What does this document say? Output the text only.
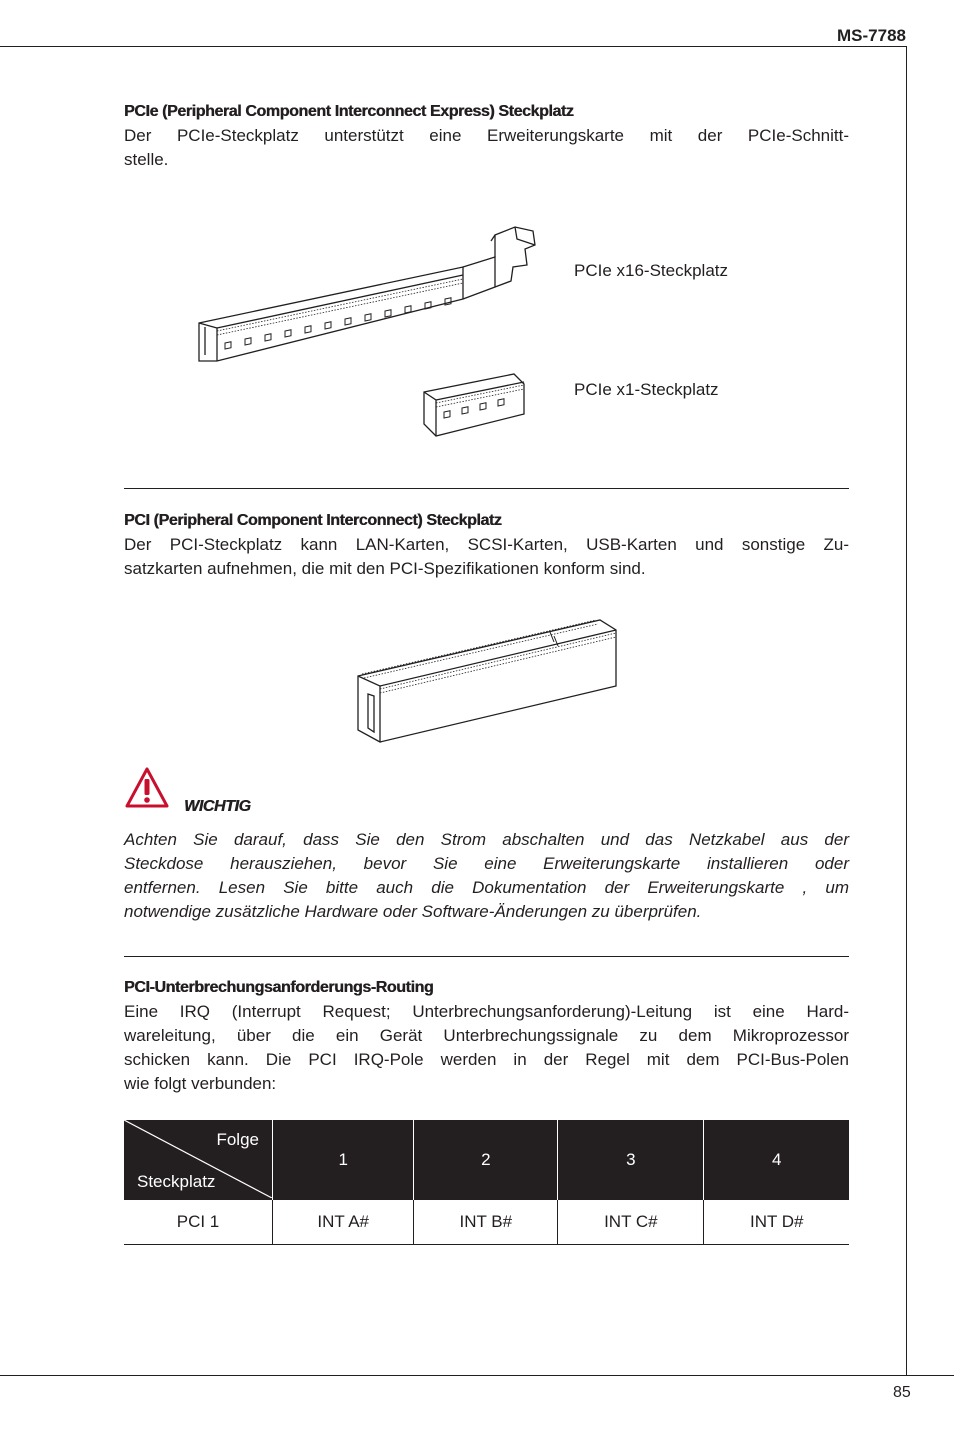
MS-7788
PCIe (Peripheral Component Interconnect Express) Steckplatz
Der PCIe-Steckplatz unterstützt eine Erweiterungskarte mit der PCIe-Schnitt-
stelle.
PCIe x16-Steckplatz
PCIe x1-Steckplatz
PCI (Peripheral Component Interconnect) Steckplatz
Der PCI-Steckplatz kann LAN-Karten, SCSI-Karten, USB-Karten und sonstige Zu-
satzkarten aufnehmen, die mit den PCI-Spezifikationen konform sind.
WICHTIG
Achten Sie darauf, dass Sie den Strom abschalten und das Netzkabel aus der
Steckdose herausziehen, bevor Sie eine Erweiterungskarte installieren oder
entfernen. Lesen Sie bitte auch die Dokumentation der Erweiterungskarte , um
notwendige zusätzliche Hardware oder Software-Änderungen zu überprüfen.
PCI-Unterbrechungsanforderungs-Routing
Eine IRQ (Interrupt Request; Unterbrechungsanforderung)-Leitung ist eine Hard-
wareleitung, über die ein Gerät Unterbrechungssignale zu dem Mikroprozessor
schicken kann. Die PCI IRQ-Pole werden in der Regel mit dem PCI-Bus-Polen
wie folgt verbunden:
Folge
Steckplatz	1	2	3	4
PCI 1	INT A#	INT B#	INT C#	INT D#
85
